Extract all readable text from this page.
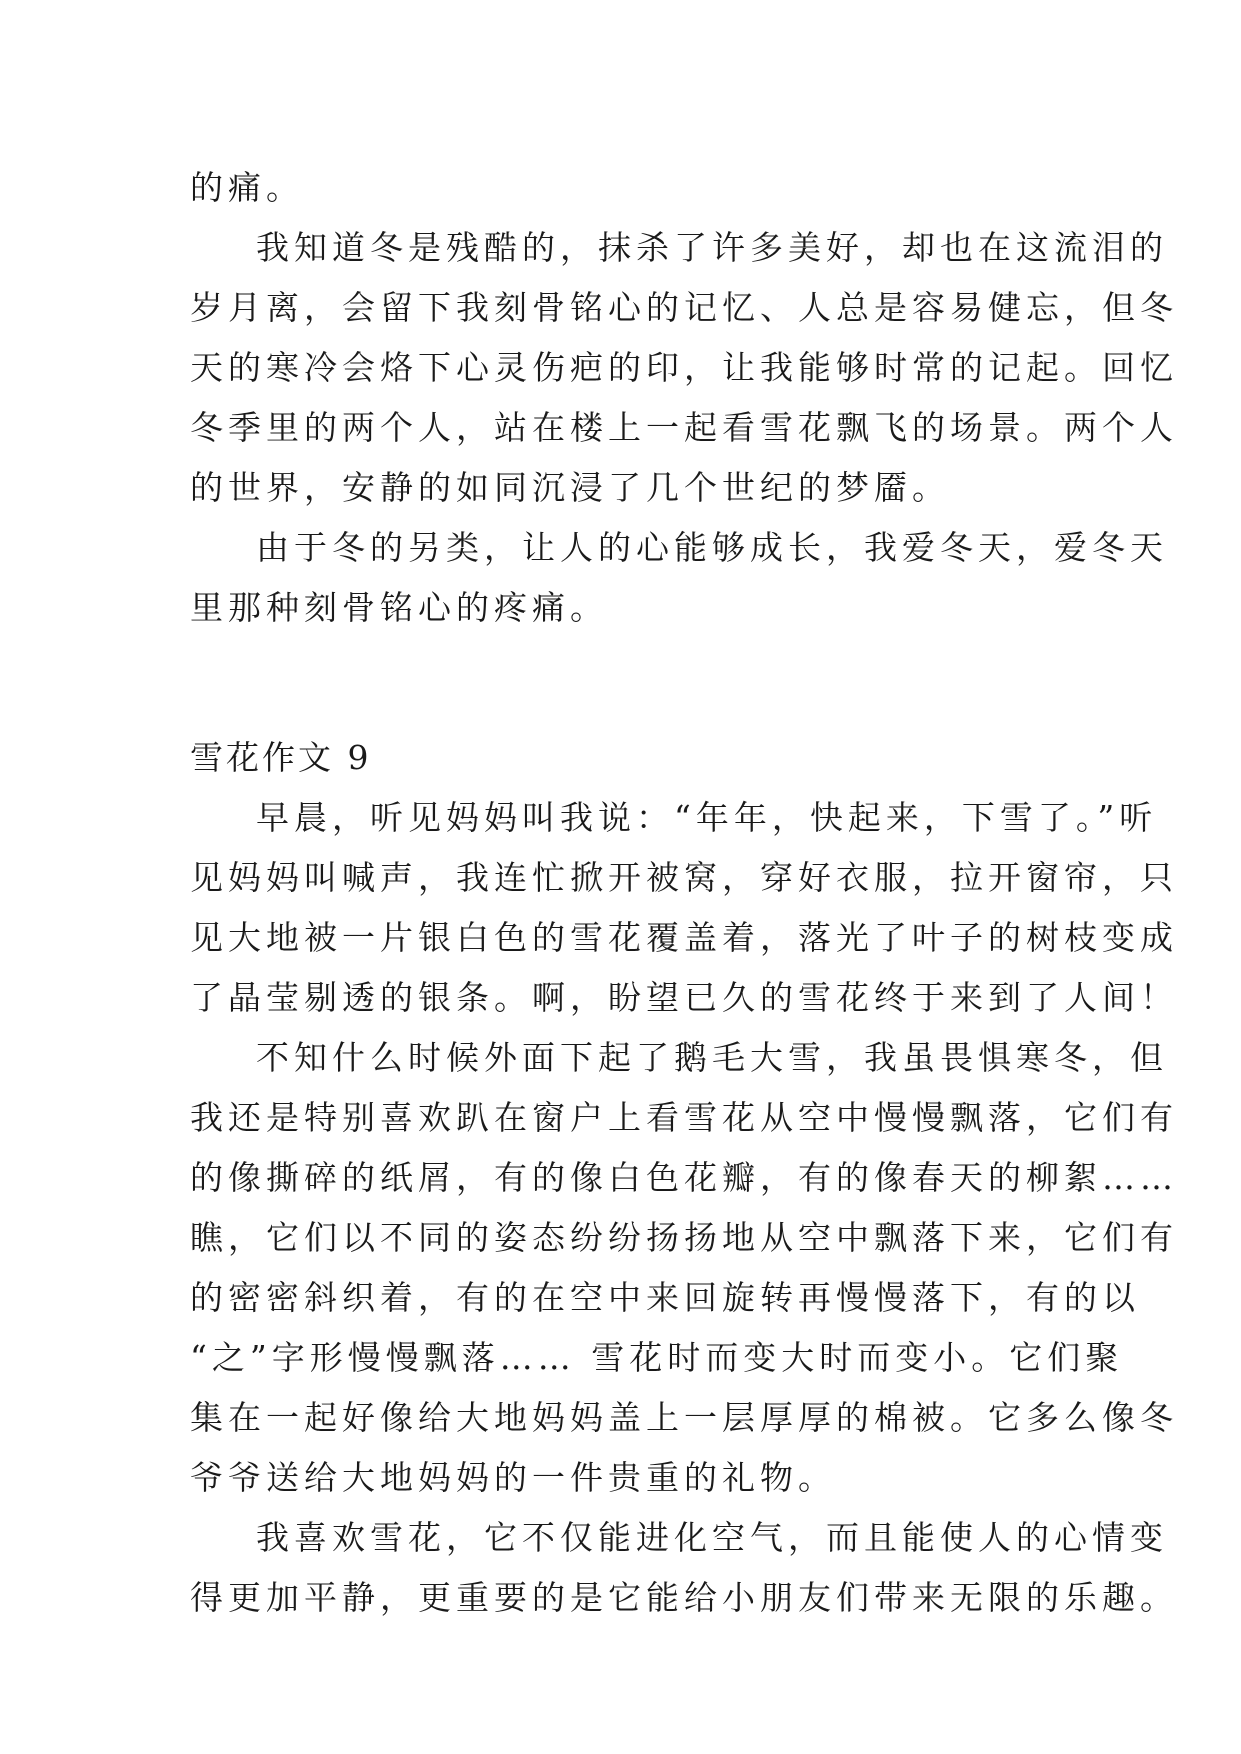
的痛。
我知道冬是残酷的，抹杀了许多美好，却也在这流泪的
岁月离，会留下我刻骨铭心的记忆、人总是容易健忘，但冬
天的寒冷会烙下心灵伤疤的印，让我能够时常的记起。回忆
冬季里的两个人，站在楼上一起看雪花飘飞的场景。两个人
的世界，安静的如同沉浸了几个世纪的梦靥。
由于冬的另类，让人的心能够成长，我爱冬天，爱冬天
里那种刻骨铭心的疼痛。
雪花作文 9
早晨，听见妈妈叫我说：“年年，快起来，下雪了。”听
见妈妈叫喊声，我连忙掀开被窝，穿好衣服，拉开窗帘，只
见大地被一片银白色的雪花覆盖着，落光了叶子的树枝变成
了晶莹剔透的银条。啊，盼望已久的雪花终于来到了人间！
不知什么时候外面下起了鹅毛大雪，我虽畏惧寒冬，但
我还是特别喜欢趴在窗户上看雪花从空中慢慢飘落，它们有
的像撕碎的纸屑，有的像白色花瓣，有的像春天的柳絮……
瞧，它们以不同的姿态纷纷扬扬地从空中飘落下来，它们有
的密密斜织着，有的在空中来回旋转再慢慢落下，有的以
“之”字形慢慢飘落…… 雪花时而变大时而变小。它们聚
集在一起好像给大地妈妈盖上一层厚厚的棉被。它多么像冬
爷爷送给大地妈妈的一件贵重的礼物。
我喜欢雪花，它不仅能进化空气，而且能使人的心情变
得更加平静，更重要的是它能给小朋友们带来无限的乐趣。
